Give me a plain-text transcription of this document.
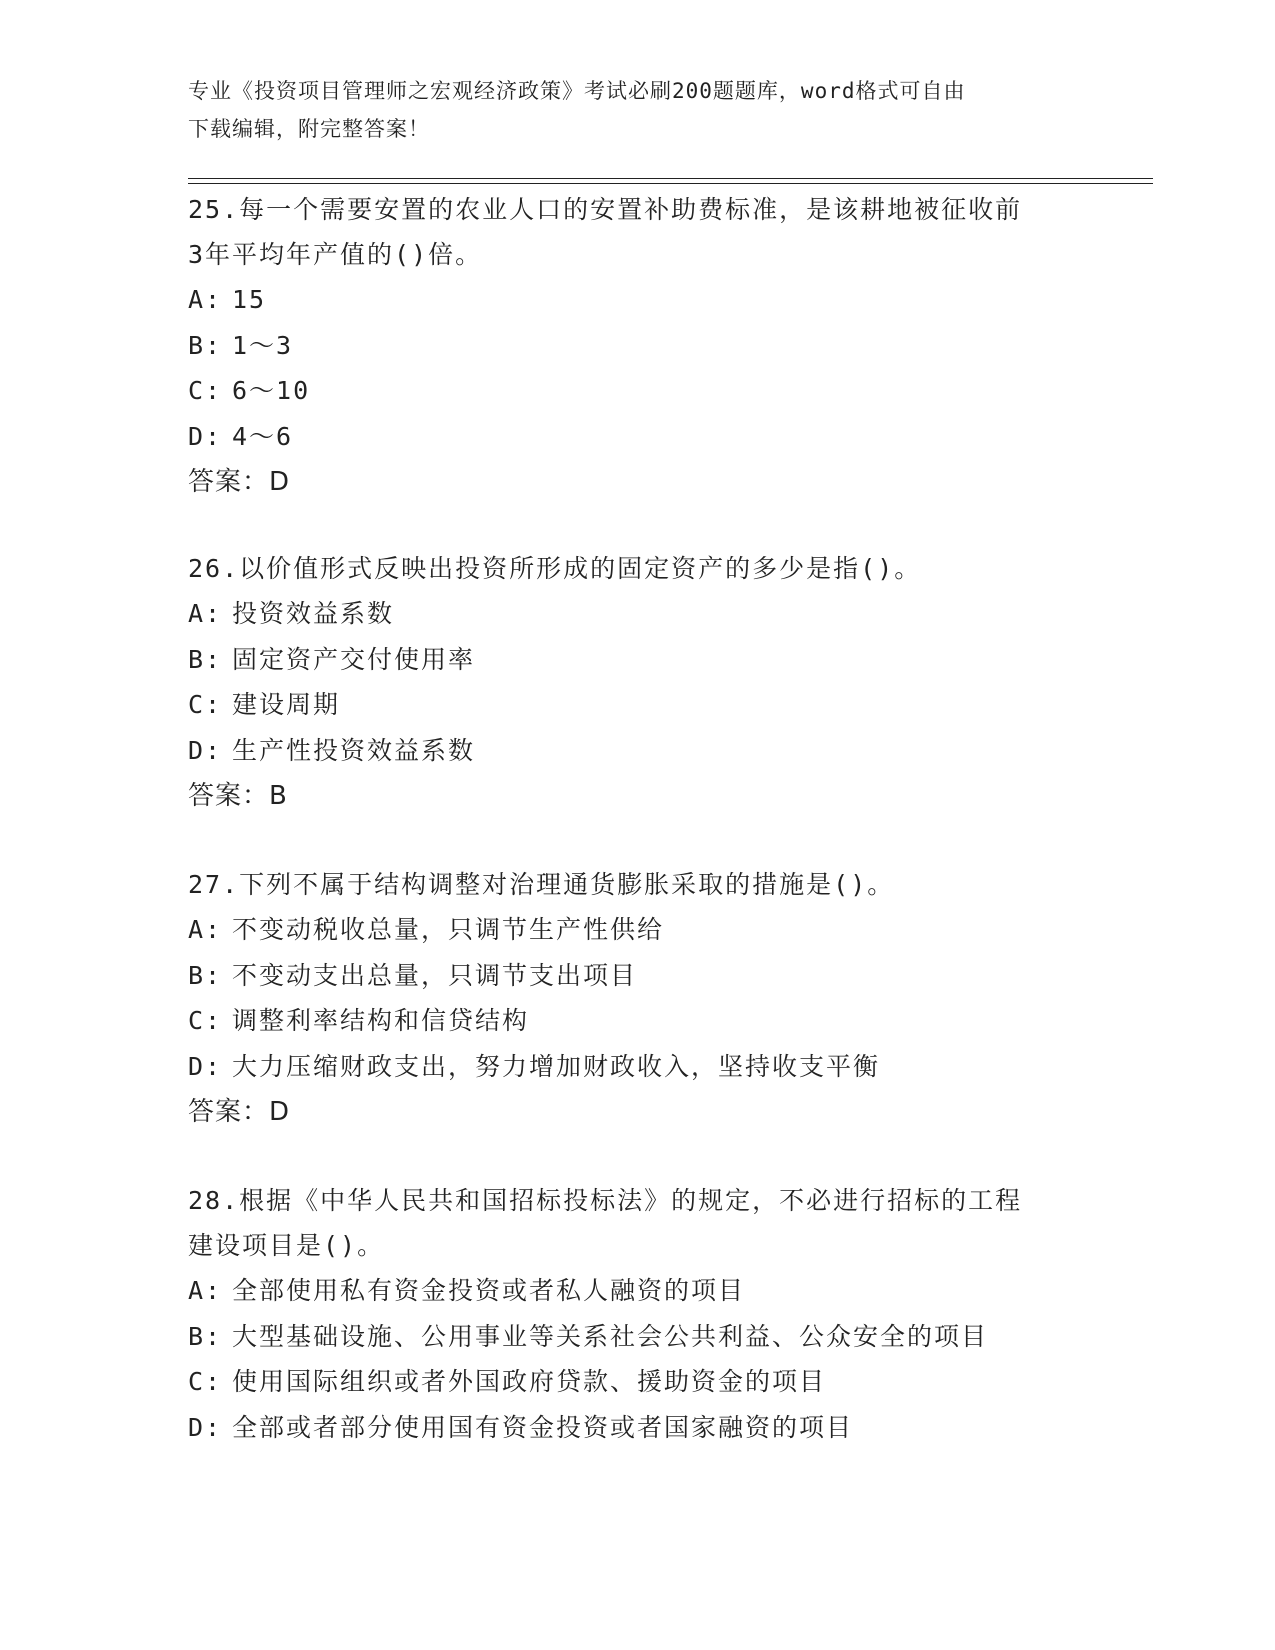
专业《投资项目管理师之宏观经济政策》考试必刷200题题库，word格式可自由
下载编辑，附完整答案！
25.每一个需要安置的农业人口的安置补助费标准，是该耕地被征收前
3年平均年产值的()倍。
A: 15
B: 1～3
C: 6～10
D: 4～6
答案：D
26.以价值形式反映出投资所形成的固定资产的多少是指()。
A: 投资效益系数
B: 固定资产交付使用率
C: 建设周期
D: 生产性投资效益系数
答案：B
27.下列不属于结构调整对治理通货膨胀采取的措施是()。
A: 不变动税收总量，只调节生产性供给
B: 不变动支出总量，只调节支出项目
C: 调整利率结构和信贷结构
D: 大力压缩财政支出，努力增加财政收入，坚持收支平衡
答案：D
28.根据《中华人民共和国招标投标法》的规定，不必进行招标的工程
建设项目是()。
A: 全部使用私有资金投资或者私人融资的项目
B: 大型基础设施、公用事业等关系社会公共利益、公众安全的项目
C: 使用国际组织或者外国政府贷款、援助资金的项目
D: 全部或者部分使用国有资金投资或者国家融资的项目
